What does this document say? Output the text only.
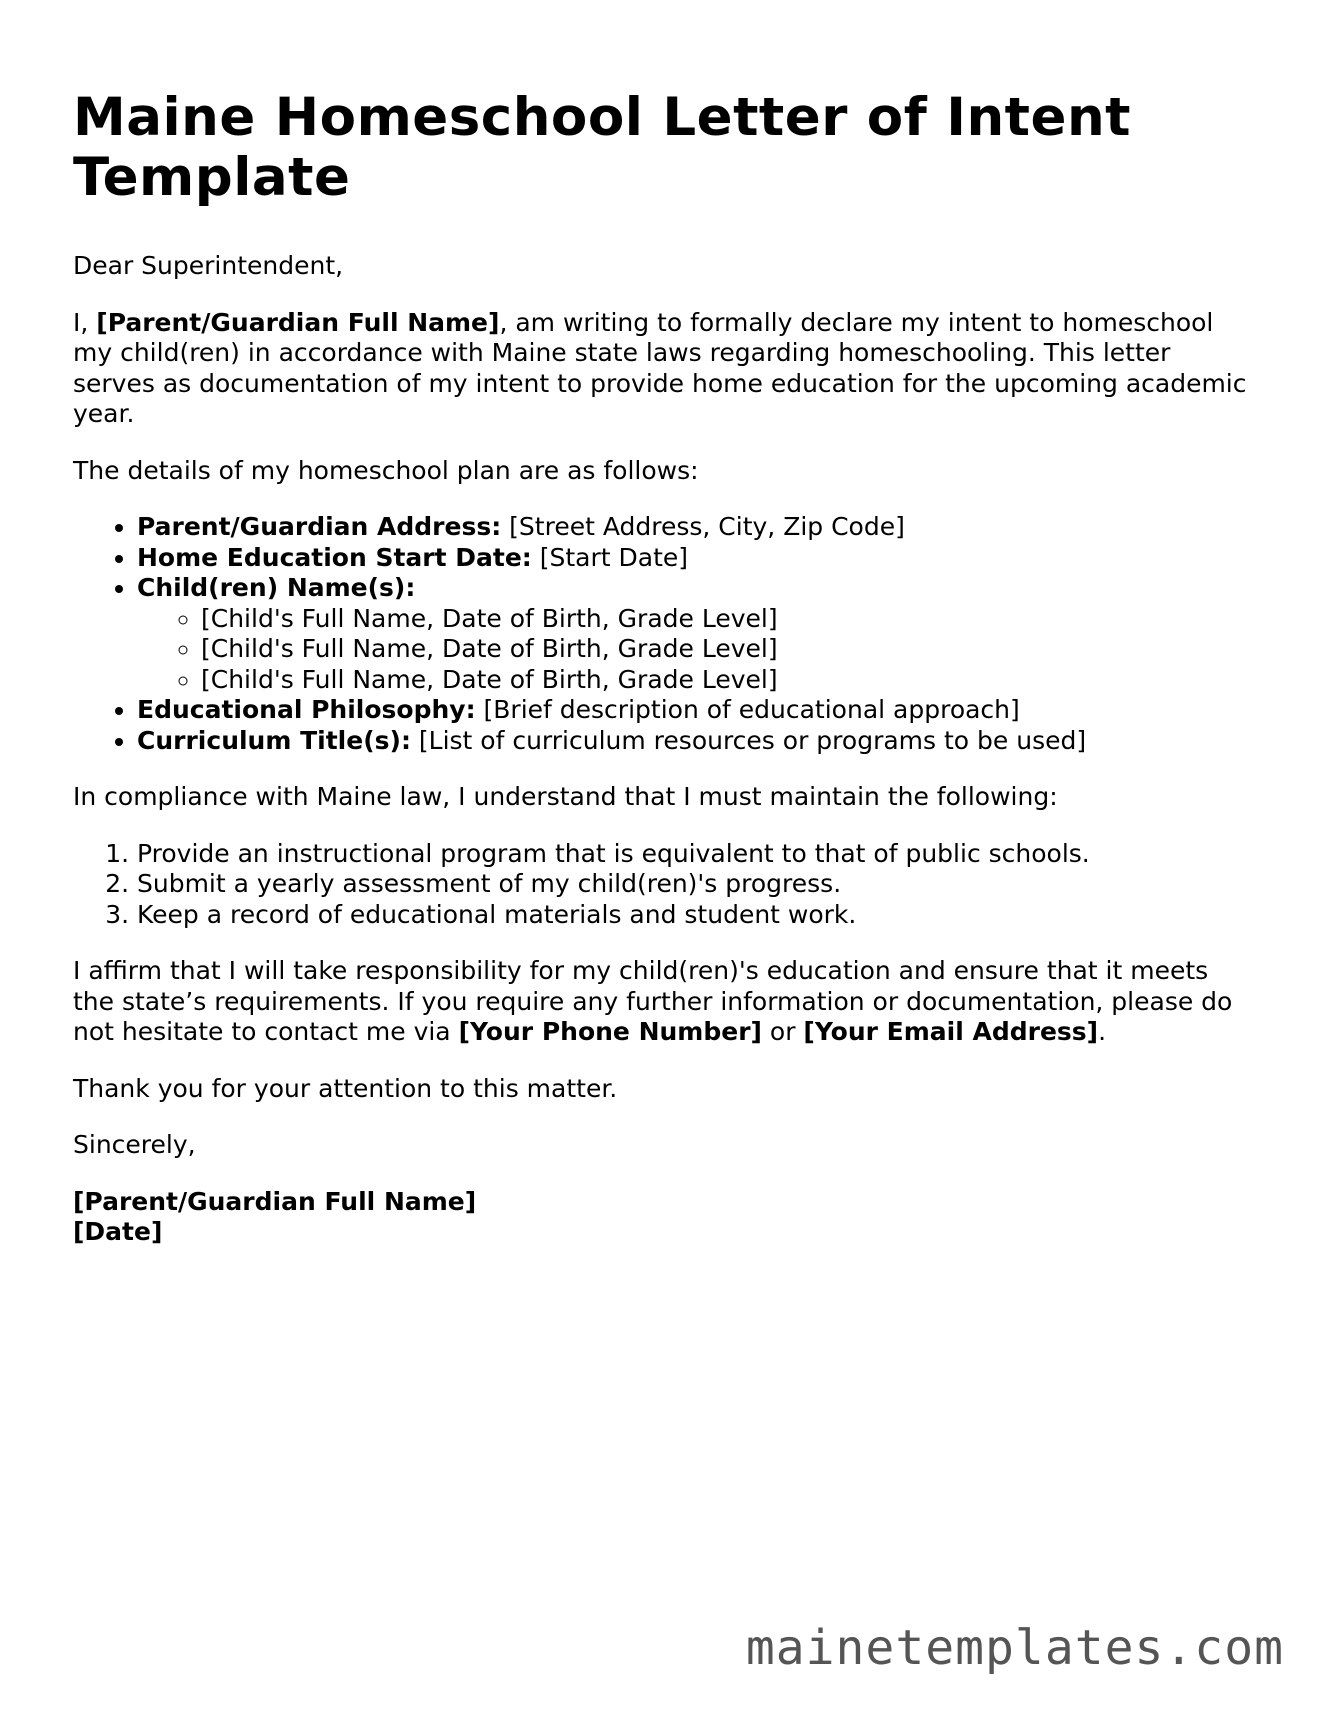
Maine Homeschool Letter of Intent Template

Dear Superintendent,

I, [Parent/Guardian Full Name], am writing to formally declare my intent to homeschool my child(ren) in accordance with Maine state laws regarding homeschooling. This letter serves as documentation of my intent to provide home education for the upcoming academic year.

The details of my homeschool plan are as follows:

• Parent/Guardian Address: [Street Address, City, Zip Code]
• Home Education Start Date: [Start Date]
• Child(ren) Name(s):
◦ [Child's Full Name, Date of Birth, Grade Level]
◦ [Child's Full Name, Date of Birth, Grade Level]
◦ [Child's Full Name, Date of Birth, Grade Level]
• Educational Philosophy: [Brief description of educational approach]
• Curriculum Title(s): [List of curriculum resources or programs to be used]

In compliance with Maine law, I understand that I must maintain the following:

1. Provide an instructional program that is equivalent to that of public schools.
2. Submit a yearly assessment of my child(ren)'s progress.
3. Keep a record of educational materials and student work.

I affirm that I will take responsibility for my child(ren)'s education and ensure that it meets the state’s requirements. If you require any further information or documentation, please do not hesitate to contact me via [Your Phone Number] or [Your Email Address].

Thank you for your attention to this matter.

Sincerely,

[Parent/Guardian Full Name]
[Date]
mainetemplates.com
